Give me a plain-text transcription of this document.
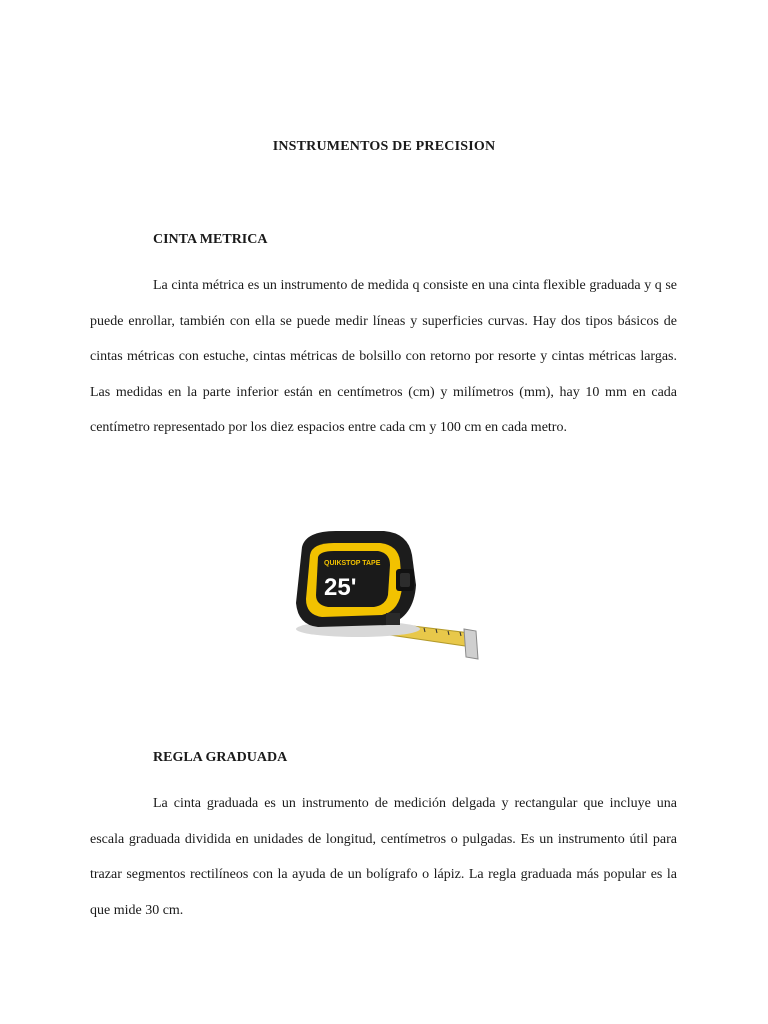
INSTRUMENTOS DE PRECISION
CINTA METRICA

La cinta métrica es un instrumento de medida q consiste en una cinta flexible graduada y q se puede enrollar, también con ella se puede medir líneas y superficies curvas. Hay dos tipos básicos de cintas métricas con estuche, cintas métricas de bolsillo con retorno por resorte y cintas métricas largas. Las medidas en la parte inferior están en centímetros (cm) y milímetros (mm), hay 10 mm en cada centímetro representado por los diez espacios entre cada cm y 100 cm en cada metro.

QUIKSTOP TAPE
25'
REGLA GRADUADA

La cinta graduada es un instrumento de medición delgada y rectangular que incluye una escala graduada dividida en unidades de longitud, centímetros o pulgadas. Es un instrumento útil para trazar segmentos rectilíneos con la ayuda de un bolígrafo o lápiz. La regla graduada más popular es la que mide 30 cm.
